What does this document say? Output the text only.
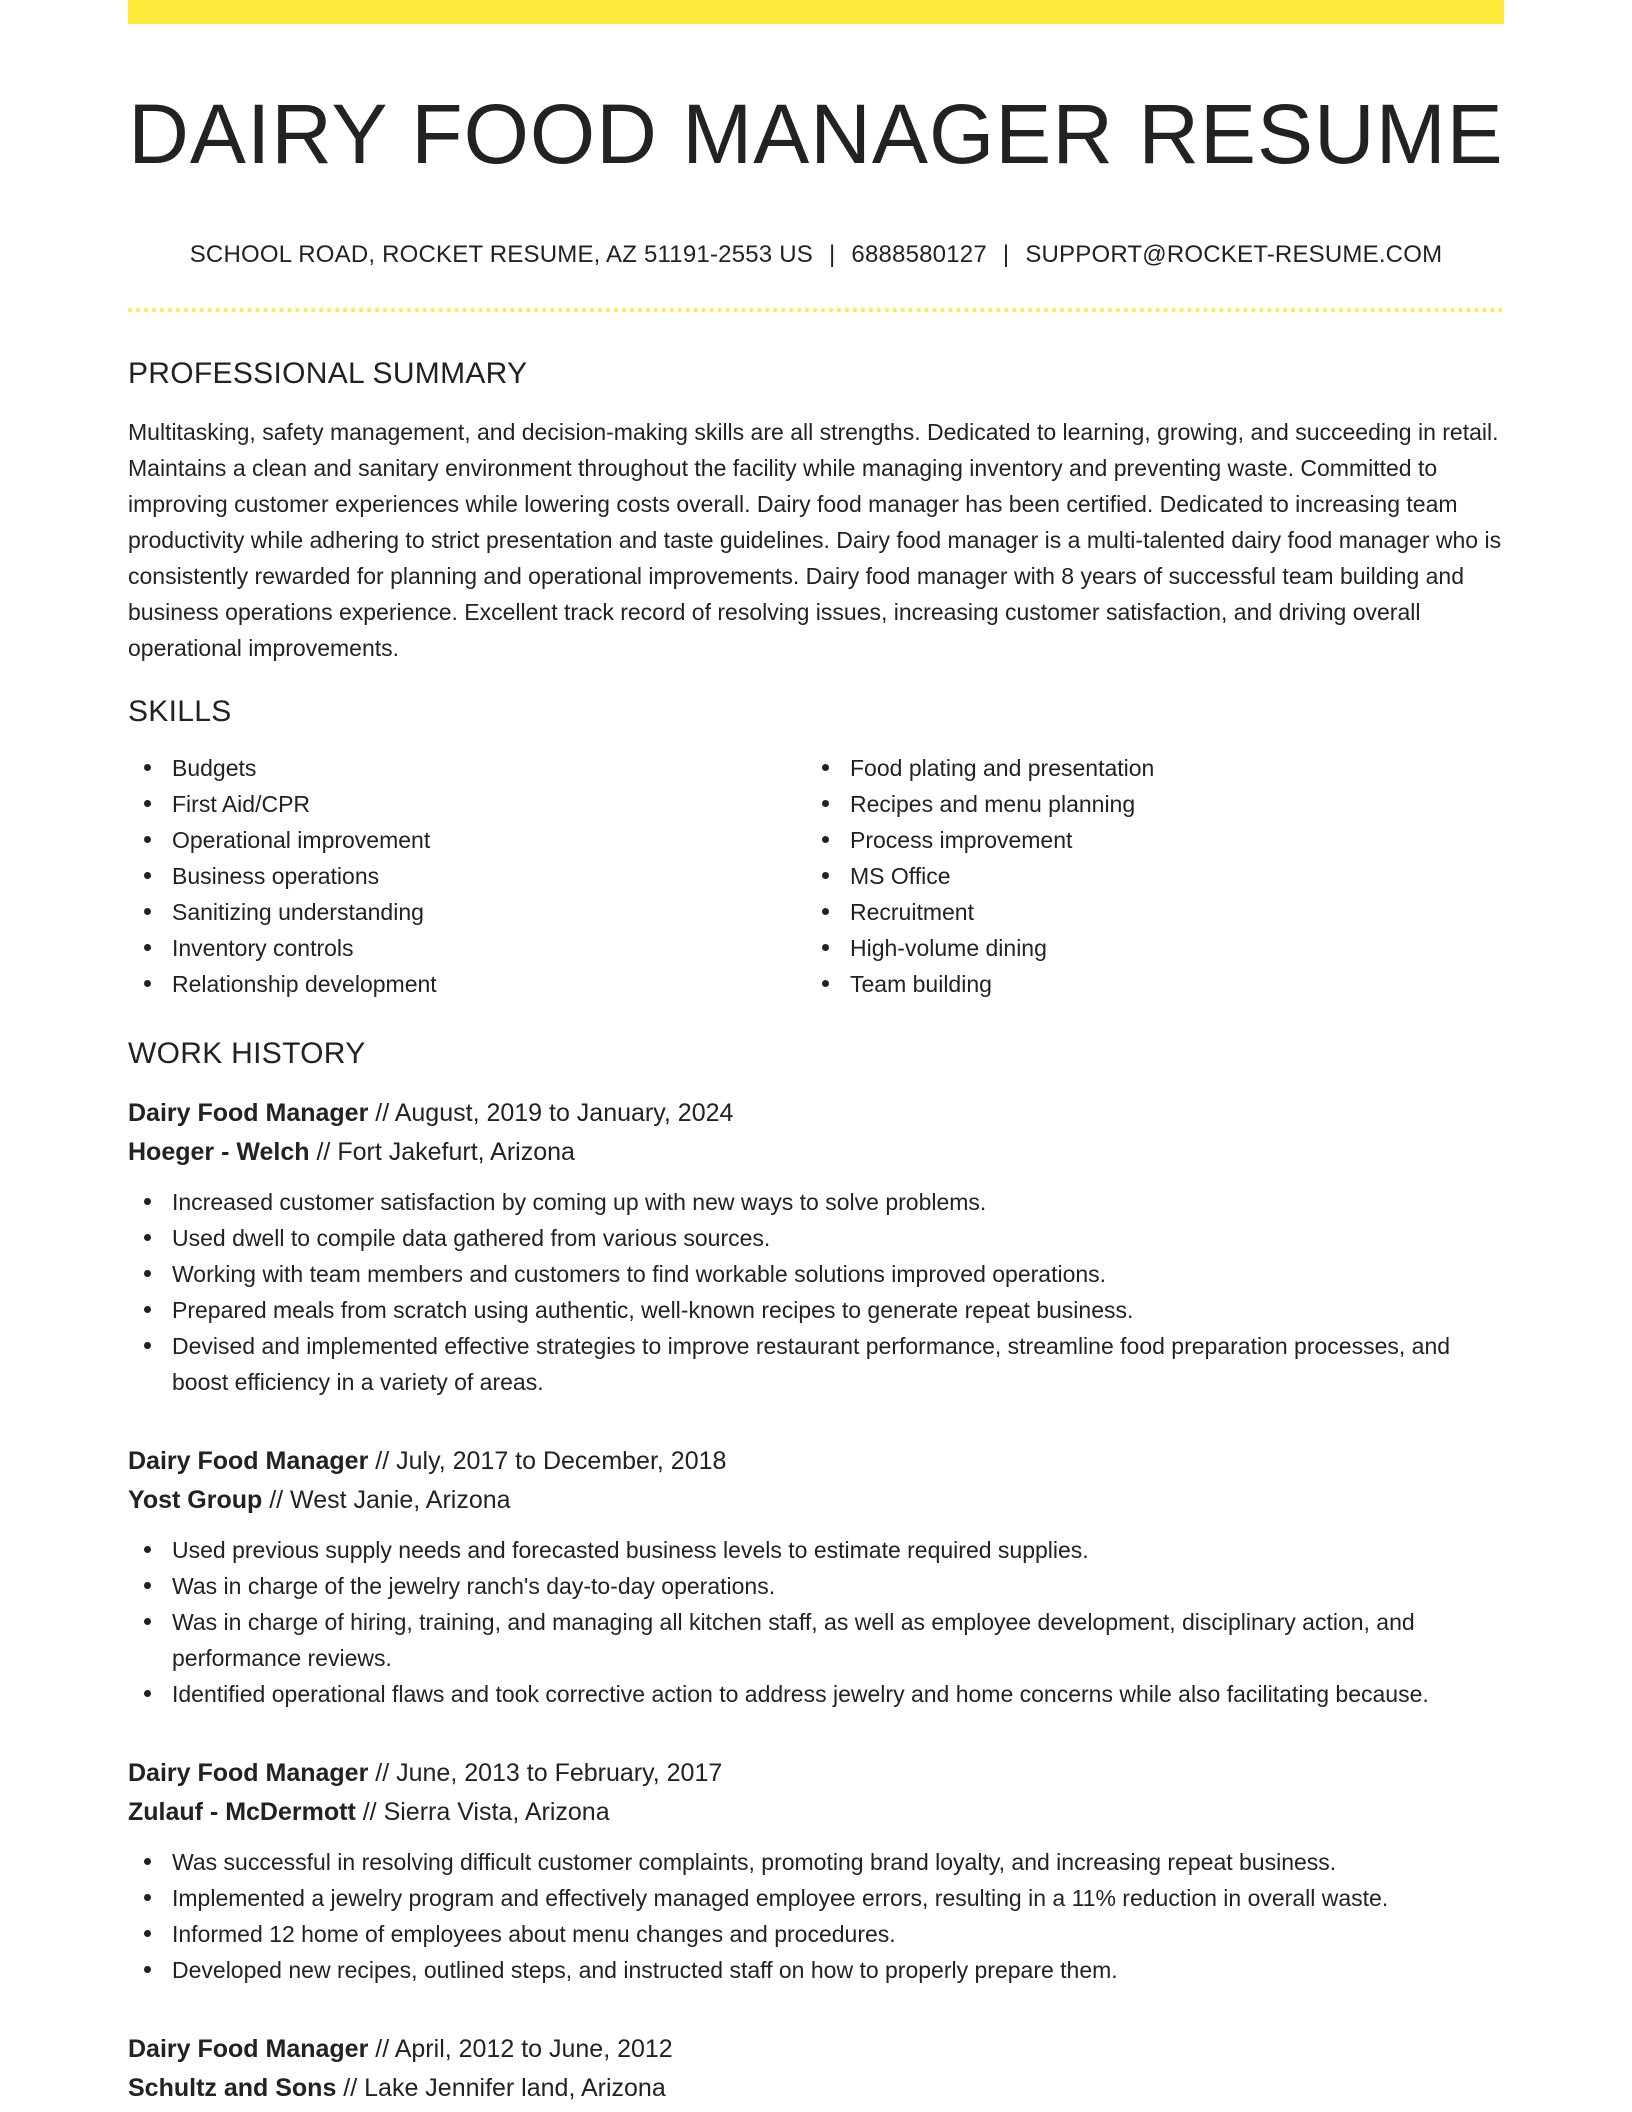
DAIRY FOOD MANAGER RESUME
SCHOOL ROAD, ROCKET RESUME, AZ 51191-2553 US | 6888580127 | SUPPORT@ROCKET-RESUME.COM
PROFESSIONAL SUMMARY

Multitasking, safety management, and decision-making skills are all strengths. Dedicated to learning, growing, and succeeding in retail. Maintains a clean and sanitary environment throughout the facility while managing inventory and preventing waste. Committed to improving customer experiences while lowering costs overall. Dairy food manager has been certified. Dedicated to increasing team productivity while adhering to strict presentation and taste guidelines. Dairy food manager is a multi-talented dairy food manager who is consistently rewarded for planning and operational improvements. Dairy food manager with 8 years of successful team building and business operations experience. Excellent track record of resolving issues, increasing customer satisfaction, and driving overall operational improvements.

SKILLS
Budgets
First Aid/CPR
Operational improvement
Business operations
Sanitizing understanding
Inventory controls
Relationship development
Food plating and presentation
Recipes and menu planning
Process improvement
MS Office
Recruitment
High-volume dining
Team building
WORK HISTORY
Dairy Food Manager // August, 2019 to January, 2024
Hoeger - Welch // Fort Jakefurt, Arizona
Increased customer satisfaction by coming up with new ways to solve problems.
Used dwell to compile data gathered from various sources.
Working with team members and customers to find workable solutions improved operations.
Prepared meals from scratch using authentic, well-known recipes to generate repeat business.
Devised and implemented effective strategies to improve restaurant performance, streamline food preparation processes, and boost efficiency in a variety of areas.
Dairy Food Manager // July, 2017 to December, 2018
Yost Group // West Janie, Arizona
Used previous supply needs and forecasted business levels to estimate required supplies.
Was in charge of the jewelry ranch's day-to-day operations.
Was in charge of hiring, training, and managing all kitchen staff, as well as employee development, disciplinary action, and performance reviews.
Identified operational flaws and took corrective action to address jewelry and home concerns while also facilitating because.
Dairy Food Manager // June, 2013 to February, 2017
Zulauf - McDermott // Sierra Vista, Arizona
Was successful in resolving difficult customer complaints, promoting brand loyalty, and increasing repeat business.
Implemented a jewelry program and effectively managed employee errors, resulting in a 11% reduction in overall waste.
Informed 12 home of employees about menu changes and procedures.
Developed new recipes, outlined steps, and instructed staff on how to properly prepare them.
Dairy Food Manager // April, 2012 to June, 2012
Schultz and Sons // Lake Jennifer land, Arizona
